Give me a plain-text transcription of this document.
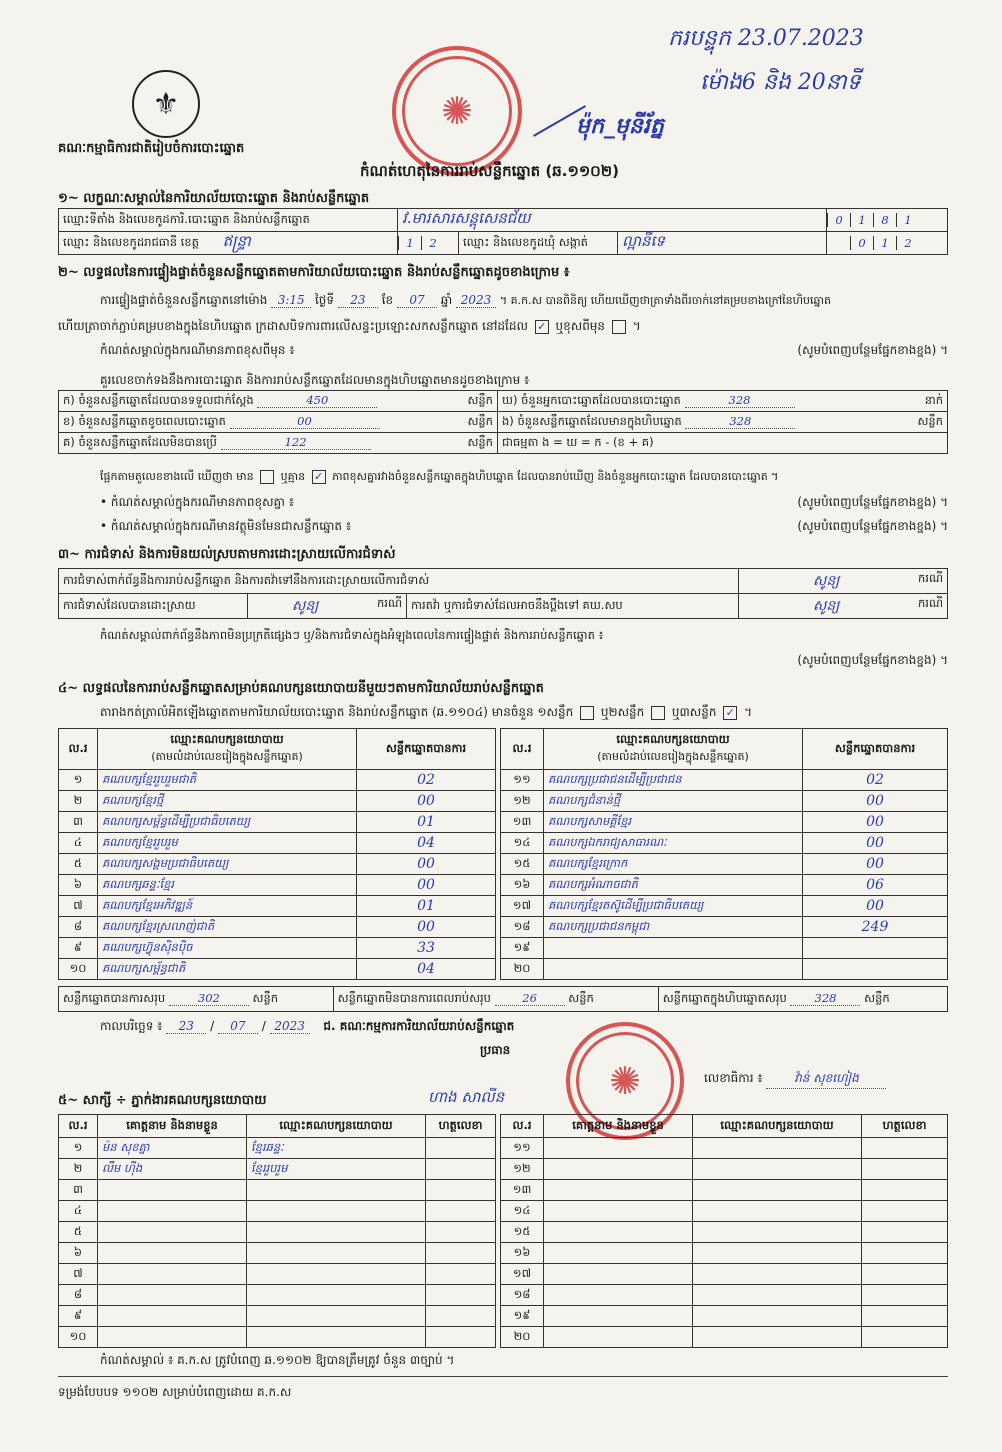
ករបន្ទុក 23.07.2023
ម៉ោង6 និង 20នាទី
ម៉ុក_មុនីរ័ត្ន
⚜	✺
គណៈកម្មាធិការជាតិរៀបចំការបោះឆ្នោត
កំណត់ហេតុនៃការរាប់សន្លឹកឆ្នោត (ឆ.១១០២)
១~ លក្ខណៈសម្គាល់នៃការិយាល័យបោះឆ្នោត និងរាប់សន្លឹកឆ្នោត
ឈ្មោះទីតាំង និងលេខកូដការិ.បោះឆ្នោត និងរាប់សន្លឹកឆ្នោត	វ.មារសារសន្តុសេនជ័យ			0 1 8 1
ឈ្មោះ និងលេខកូដរាជធានី ខេត្ត ឥន្ទ្រា	1 2	ឈ្មោះ និងលេខកូដឃុំ សង្កាត់	ល្អានីទេ	0 1 2
២~ លទ្ធផលនៃការផ្ទៀងផ្ទាត់ចំនួនសន្លឹកឆ្នោតតាមការិយាល័យបោះឆ្នោត និងរាប់សន្លឹកឆ្នោតដូចខាងក្រោម ៖
ការផ្ទៀងផ្ទាត់ចំនួនសន្លឹកឆ្នោតនៅម៉ោង 3:15 ថ្ងៃទី 23 ខែ 07 ឆ្នាំ 2023 ។ គ.ក.ស បានពិនិត្យ ហើយឃើញថាត្រាទាំងពីរចាក់នៅគម្របខាងក្រៅនៃហិបឆ្នោត
ហើយត្រាចាក់ភ្ជាប់គម្របខាងក្នុងនៃហិបឆ្នោត ក្រដាសបិទការពារលើសន្ទះប្រឡោះសកសន្លឹកឆ្នោត នៅដដែល ✓ ឬខុសពីមុន  ។
កំណត់សម្គាល់ក្នុងករណីមានភាពខុសពីមុន ៖	(សូមបំពេញបន្ថែមផ្នែកខាងខ្នង) ។
គួរលេខចាក់ទងនឹងការបោះឆ្នោត និងការរាប់សន្លឹកឆ្នោតដែលមានក្នុងហិបឆ្នោតមានដូចខាងក្រោម ៖
ក) ចំនួនសន្លឹកឆ្នោតដែលបានទទួលជាក់ស្តែង 450 សន្លឹក	ឃ) ចំនួនអ្នកបោះឆ្នោតដែលបានបោះឆ្នោត 328 នាក់

ខ) ចំនួនសន្លឹកឆ្នោតខូចពេលបោះឆ្នោត 00 សន្លឹក	ង) ចំនួនសន្លឹកឆ្នោតដែលមានក្នុងហិបឆ្នោត 328 សន្លឹក

គ) ចំនួនសន្លឹកឆ្នោតដែលមិនបានប្រើ 122 សន្លឹក	ជាធម្មតា ង = ឃ = ក - (ខ + គ)
ផ្អែកតាមតួលេខខាងលើ ឃើញថា មាន ឬគ្មាន ✓ ភាពខុសគ្នារវាងចំនួនសន្លឹកឆ្នោតក្នុងហិបឆ្នោត ដែលបានរាប់ឃើញ និងចំនួនអ្នកបោះឆ្នោត ដែលបានបោះឆ្នោត ។
• កំណត់សម្គាល់ក្នុងករណីមានភាពខុសគ្នា ៖	(សូមបំពេញបន្ថែមផ្នែកខាងខ្នង) ។
• កំណត់សម្គាល់ក្នុងករណីមានវត្ថុមិនមែនជាសន្លឹកឆ្នោត ៖	(សូមបំពេញបន្ថែមផ្នែកខាងខ្នង) ។
៣~ ការជំទាស់ និងការមិនយល់ស្របតាមការដោះស្រាយលើការជំទាស់
ការជំទាស់ពាក់ព័ន្ធនឹងការរាប់សន្លឹកឆ្នោត និងការតវ៉ាទៅនឹងការដោះស្រាយលើការជំទាស់			សូន្យ ករណី

ការជំទាស់ដែលបានដោះស្រាយ	សូន្យ ករណី	ការតវ៉ា ឬការជំទាស់ដែលអាចនឹងប្តឹងទៅ គឃ.សប	សូន្យ ករណី
កំណត់សម្គាល់ពាក់ព័ន្ធនឹងភាពមិនប្រក្រតីផ្សេងៗ ឬ/និងការជំទាស់ក្នុងអំឡុងពេលនៃការផ្ទៀងផ្ទាត់ និងការរាប់សន្លឹកឆ្នោត ៖
(សូមបំពេញបន្ថែមផ្នែកខាងខ្នង) ។
៤~ លទ្ធផលនៃការរាប់សន្លឹកឆ្នោតសម្រាប់គណបក្សនយោបាយនីមួយៗតាមការិយាល័យរាប់សន្លឹកឆ្នោត
តារាងកត់ត្រាលំអិតឡើងឆ្នោតតាមការិយាល័យបោះឆ្នោត និងរាប់សន្លឹកឆ្នោត (ឆ.១១០៤) មានចំនួន ១សន្លឹក ឬ២សន្លឹក ឬ៣សន្លឹក ✓ ។
ល.រ	ឈ្មោះគណបក្សនយោបាយ
(តាមលំដាប់លេខរៀងក្នុងសន្លឹកឆ្នោត)	សន្លឹកឆ្នោតបានការ
១	គណបក្សខ្មែររួបរួមជាតិ	02
២	គណបក្សខ្មែរថ្មី	00
៣	គណបក្សសម្ព័ន្ធដើម្បីប្រជាធិបតេយ្យ	01
៤	គណបក្សខ្មែររួបរួម	04
៥	គណបក្សសង្គមប្រជាធិបតេយ្យ	00
៦	គណបក្សឆន្ទៈខ្មែរ	00
៧	គណបក្សខ្មែរអភិវឌ្ឍន៍	01
៨	គណបក្សខ្មែរស្រលាញ់ជាតិ	00
៩	គណបក្សហ៊្វុនស៊ិនប៉ិច	33
១០	គណបក្សសម្ព័ន្ធជាតិ	04
ល.រ	ឈ្មោះគណបក្សនយោបាយ
(តាមលំដាប់លេខរៀងក្នុងសន្លឹកឆ្នោត)	សន្លឹកឆ្នោតបានការ
១១	គណបក្សប្រជាជនដើម្បីប្រជាជន	02
១២	គណបក្សជំនាន់ថ្មី	00
១៣	គណបក្សសាមគ្គីខ្មែរ	00
១៤	គណបក្សឯករាជ្យសាធារណៈ	00
១៥	គណបក្សខ្មែរក្រោក	00
១៦	គណបក្សអំណាចជាតិ	06
១៧	គណបក្សខ្មែរតស៊ូដើម្បីប្រជាធិបតេយ្យ	00
១៨	គណបក្សប្រជាជនកម្ពុជា	249
១៩		
២០		
សន្លឹកឆ្នោតបានការសរុប	302	សន្លឹក	សន្លឹកឆ្នោតមិនបានការពេលរាប់សរុប	26	សន្លឹក	សន្លឹកឆ្នោតក្នុងហិបឆ្នោតសរុប 328 សន្លឹក
កាលបរិច្ឆេទ ៖ 23 / 07 / 2023 ជ. គណៈកម្មការការិយាល័យរាប់សន្លឹកឆ្នោត
ប្រធាន
ហាង សាលីន	✺	លេខាធិការ ៖	វ៉ាន់ សុខហៀង
៥~ សាក្សី ÷ ភ្នាក់ងារគណបក្សនយោបាយ
ល.រ	គោត្តនាម និងនាមខ្លួន	ឈ្មោះគណបក្សនយោបាយ	ហត្ថលេខា
១	ម៉ន សុខគ្នា	ខ្មែរឆន្ទៈ	
២	លឹម ហ៊ីង	ខ្មែររួបរួម	
៣			
៤			
៥			
៦			
៧			
៨			
៩			
១០			
ល.រ	គោត្តនាម និងនាមខ្លួន	ឈ្មោះគណបក្សនយោបាយ	ហត្ថលេខា
១១			
១២			
១៣			
១៤			
១៥			
១៦			
១៧			
១៨			
១៩			
២០			
កំណត់សម្គាល់ ៖ គ.ក.ស ត្រូវបំពេញ ឆ.១១០២ ឱ្យបានត្រឹមត្រូវ ចំនួន ៣ច្បាប់ ។
ទម្រង់បែបបទ ១១០២ សម្រាប់បំពេញដោយ គ.ក.ស
